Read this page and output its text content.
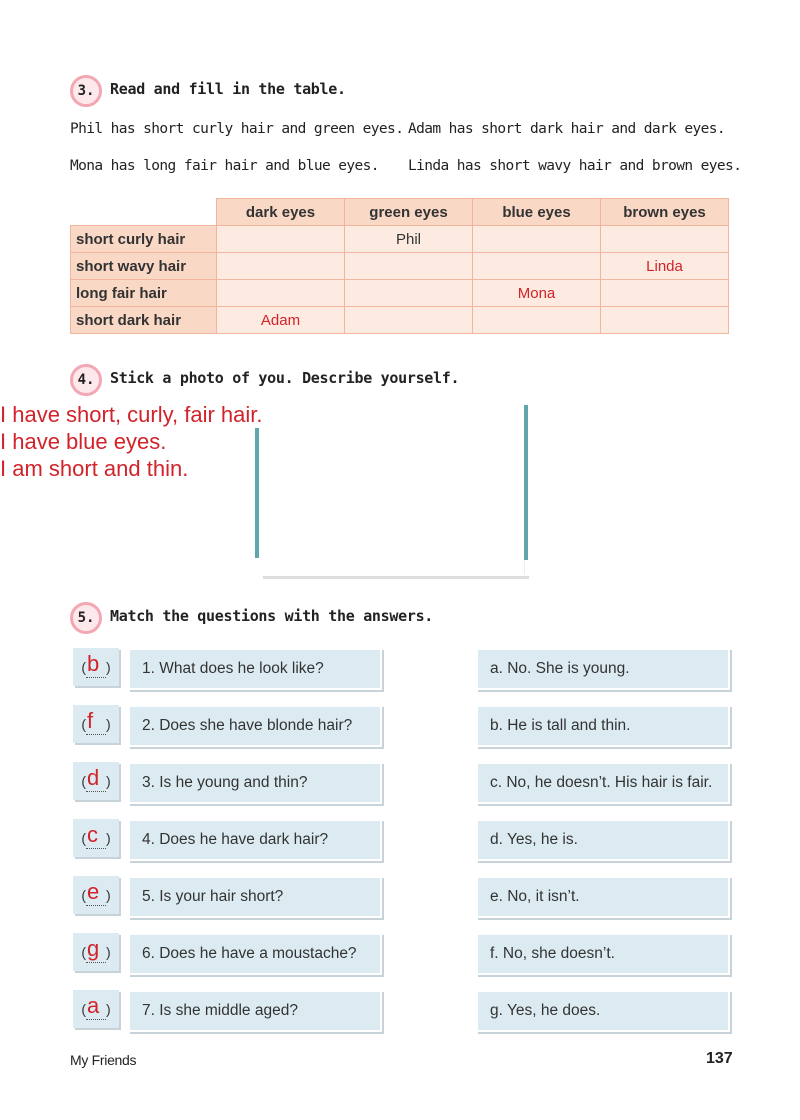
3. Read and fill in the table.
Phil has short curly hair and green eyes. Adam has short dark hair and dark eyes.
Mona has long fair hair and blue eyes. Linda has short wavy hair and brown eyes.
	dark eyes	green eyes	blue eyes	brown eyes
short curly hair		Phil		
short wavy hair				Linda
long fair hair			Mona	
short dark hair	Adam			
4. Stick a photo of you. Describe yourself.
I have short, curly, fair hair.
I have blue eyes.
I am short and thin.
5. Match the questions with the answers.
( b )	1. What does he look like?	a. No. She is young.
( f )	2. Does she have blonde hair?	b. He is tall and thin.
( d )	3. Is he young and thin?	c. No, he doesn’t. His hair is fair.
( c )	4. Does he have dark hair?	d. Yes, he is.
( e )	5. Is your hair short?	e. No, it isn’t.
( g )	6. Does he have a moustache?	f. No, she doesn’t.
( a )	7. Is she middle aged?	g. Yes, he does.
My Friends	137
